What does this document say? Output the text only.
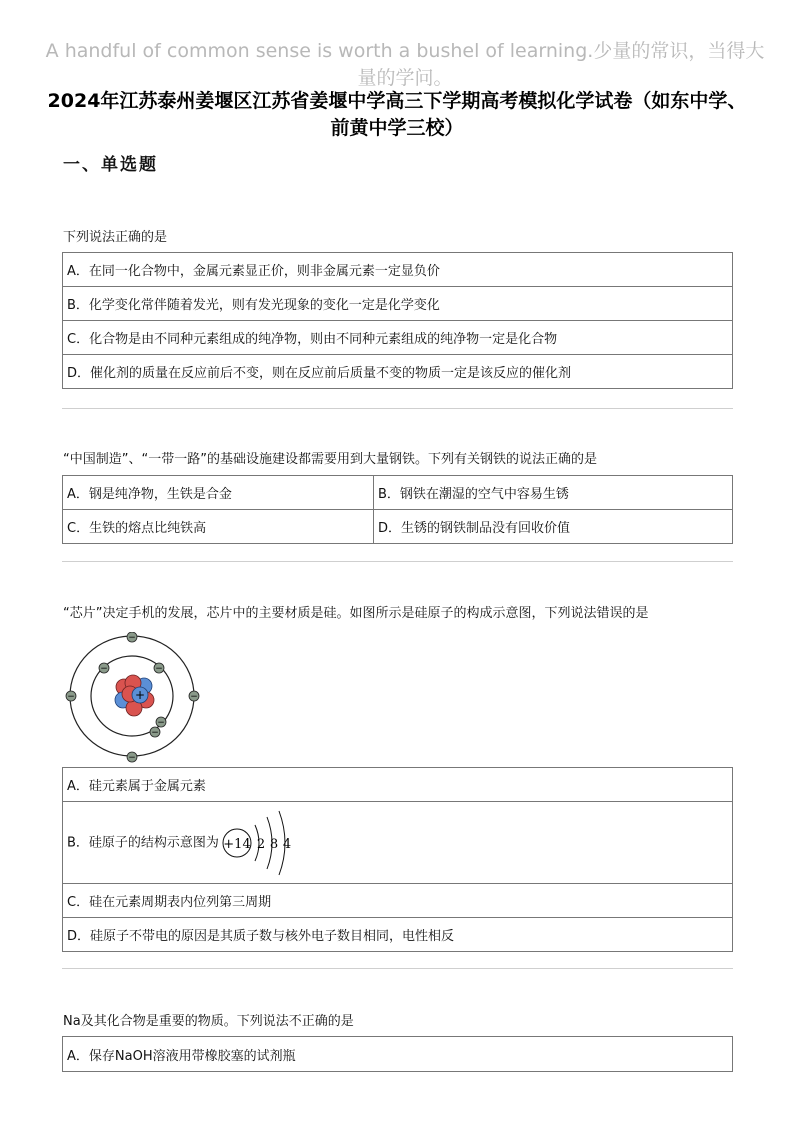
A handful of common sense is worth a bushel of learning.少量的常识，当得大量的学问。
2024年江苏泰州姜堰区江苏省姜堰中学高三下学期高考模拟化学试卷（如东中学、前黄中学三校）
一、单选题
下列说法正确的是
A．在同一化合物中，金属元素显正价，则非金属元素一定显负价
B．化学变化常伴随着发光，则有发光现象的变化一定是化学变化
C．化合物是由不同种元素组成的纯净物，则由不同种元素组成的纯净物一定是化合物
D．催化剂的质量在反应前后不变，则在反应前后质量不变的物质一定是该反应的催化剂
“中国制造”、“一带一路”的基础设施建设都需要用到大量钢铁。下列有关钢铁的说法正确的是
A．钢是纯净物，生铁是合金	B．钢铁在潮湿的空气中容易生锈
C．生铁的熔点比纯铁高	D．生锈的钢铁制品没有回收价值
“芯片”决定手机的发展，芯片中的主要材质是硅。如图所示是硅原子的构成示意图，下列说法错误的是
+
−
−
−	−
−	−
−
−
A．硅元素属于金属元素
B．硅原子的结构示意图为 +14 2 8 4

C．硅在元素周期表内位列第三周期
D．硅原子不带电的原因是其质子数与核外电子数目相同，电性相反
Na及其化合物是重要的物质。下列说法不正确的是
A．保存NaOH溶液用带橡胶塞的试剂瓶
